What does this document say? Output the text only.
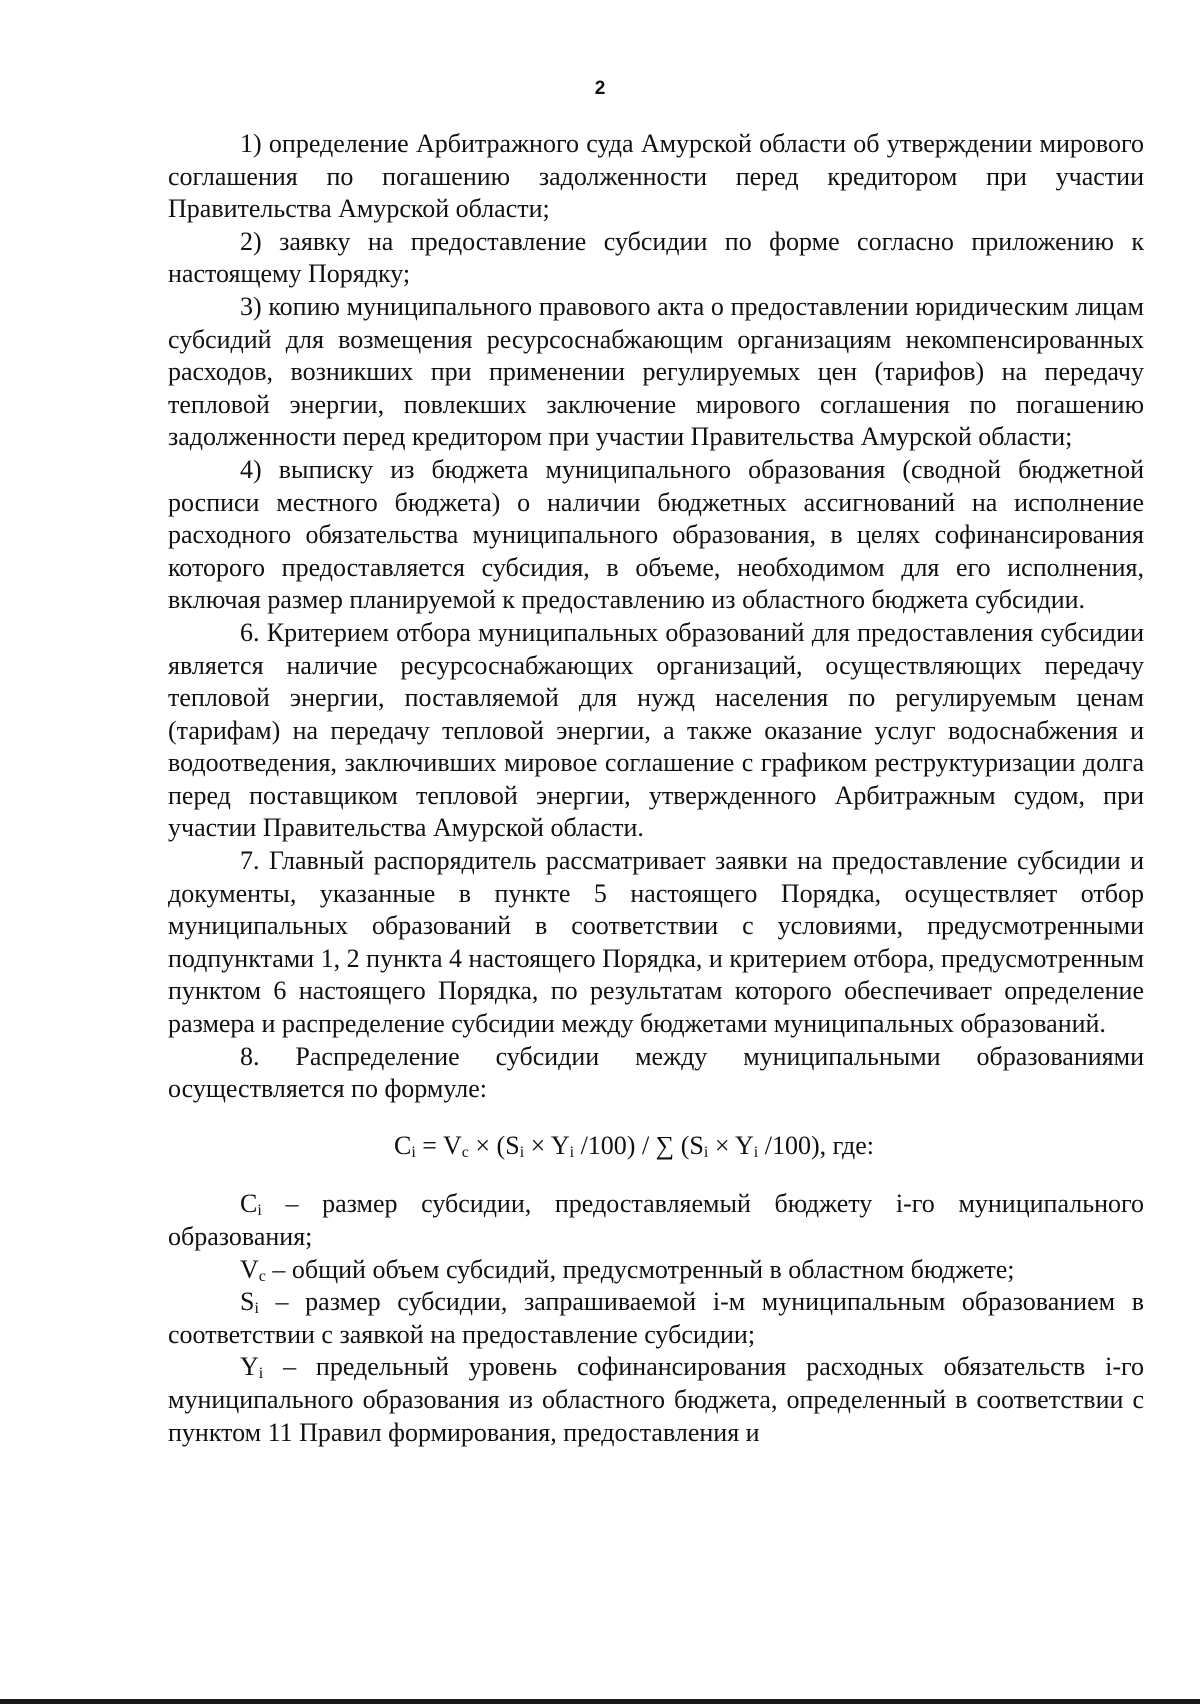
2

1) определение Арбитражного суда Амурской области об утверждении мирового соглашения по погашению задолженности перед кредитором при участии Правительства Амурской области;

2) заявку на предоставление субсидии по форме согласно приложению к настоящему Порядку;

3) копию муниципального правового акта о предоставлении юридическим лицам субсидий для возмещения ресурсоснабжающим организациям некомпенсированных расходов, возникших при применении регулируемых цен (тарифов) на передачу тепловой энергии, повлекших заключение мирового соглашения по погашению задолженности перед кредитором при участии Правительства Амурской области;

4) выписку из бюджета муниципального образования (сводной бюджетной росписи местного бюджета) о наличии бюджетных ассигнований на исполнение расходного обязательства муниципального образования, в целях софинансирования которого предоставляется субсидия, в объеме, необходимом для его исполнения, включая размер планируемой к предоставлению из областного бюджета субсидии.

6. Критерием отбора муниципальных образований для предоставления субсидии является наличие ресурсоснабжающих организаций, осуществляющих передачу тепловой энергии, поставляемой для нужд населения по регулируемым ценам (тарифам) на передачу тепловой энергии, а также оказание услуг водоснабжения и водоотведения, заключивших мировое соглашение с графиком реструктуризации долга перед поставщиком тепловой энергии, утвержденного Арбитражным судом, при участии Правительства Амурской области.

7. Главный распорядитель рассматривает заявки на предоставление субсидии и документы, указанные в пункте 5 настоящего Порядка, осуществляет отбор муниципальных образований в соответствии с условиями, предусмотренными подпунктами 1, 2 пункта 4 настоящего Порядка, и критерием отбора, предусмотренным пунктом 6 настоящего Порядка, по результатам которого обеспечивает определение размера и распределение субсидии между бюджетами муниципальных образований.

8. Распределение субсидии между муниципальными образованиями осуществляется по формуле:

$C_i = V_c \times (S_i \times Y_i$ /100) / ∑ ($S_i \times Y_i$ /100), где:

$C_i$ – размер субсидии, предоставляемый бюджету i-го муниципального образования;

$V_c$ – общий объем субсидий, предусмотренный в областном бюджете;

$S_i$ – размер субсидии, запрашиваемой i-м муниципальным образованием в соответствии с заявкой на предоставление субсидии;

$Y_i$ – предельный уровень софинансирования расходных обязательств i-го муниципального образования из областного бюджета, определенный в соответствии с пунктом 11 Правил формирования, предоставления и
